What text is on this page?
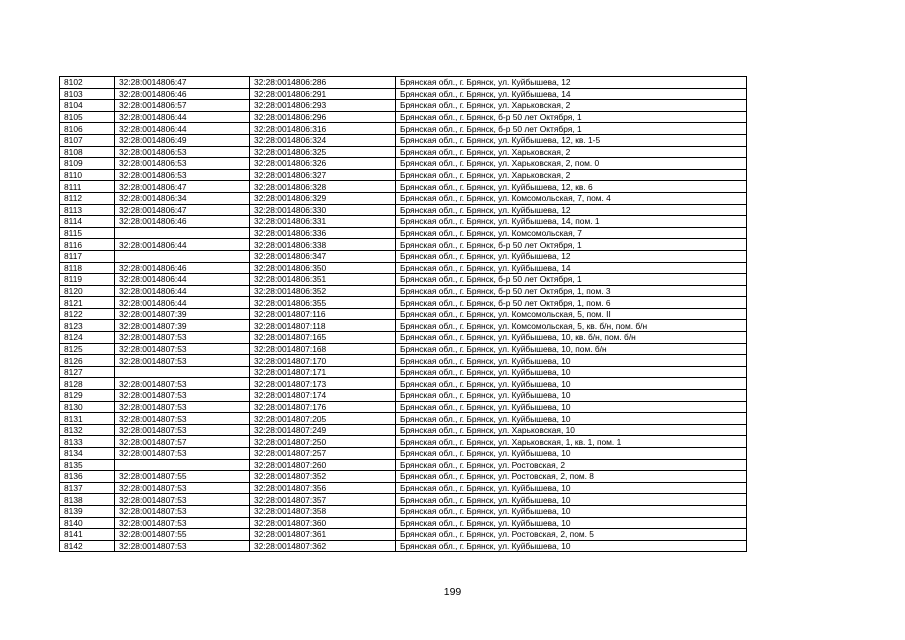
8102	32:28:0014806:47	32:28:0014806:286	Брянская обл., г. Брянск, ул. Куйбышева, 12
8103	32:28:0014806:46	32:28:0014806:291	Брянская обл., г. Брянск, ул. Куйбышева, 14
8104	32:28:0014806:57	32:28:0014806:293	Брянская обл., г. Брянск, ул. Харьковская, 2
8105	32:28:0014806:44	32:28:0014806:296	Брянская обл., г. Брянск, б-р 50 лет Октября, 1
8106	32:28:0014806:44	32:28:0014806:316	Брянская обл., г. Брянск, б-р 50 лет Октября, 1
8107	32:28:0014806:49	32:28:0014806:324	Брянская обл., г. Брянск, ул. Куйбышева, 12, кв. 1-5
8108	32:28:0014806:53	32:28:0014806:325	Брянская обл., г. Брянск, ул. Харьковская, 2
8109	32:28:0014806:53	32:28:0014806:326	Брянская обл., г. Брянск, ул. Харьковская, 2, пом. 0
8110	32:28:0014806:53	32:28:0014806:327	Брянская обл., г. Брянск, ул. Харьковская, 2
8111	32:28:0014806:47	32:28:0014806:328	Брянская обл., г. Брянск, ул. Куйбышева, 12, кв. 6
8112	32:28:0014806:34	32:28:0014806:329	Брянская обл., г. Брянск, ул. Комсомольская, 7, пом. 4
8113	32:28:0014806:47	32:28:0014806:330	Брянская обл., г. Брянск, ул. Куйбышева, 12
8114	32:28:0014806:46	32:28:0014806:331	Брянская обл., г. Брянск, ул. Куйбышева, 14, пом. 1
8115		32:28:0014806:336	Брянская обл., г. Брянск, ул. Комсомольская, 7
8116	32:28:0014806:44	32:28:0014806:338	Брянская обл., г. Брянск, б-р 50 лет Октября, 1
8117		32:28:0014806:347	Брянская обл., г. Брянск, ул. Куйбышева, 12
8118	32:28:0014806:46	32:28:0014806:350	Брянская обл., г. Брянск, ул. Куйбышева, 14
8119	32:28:0014806:44	32:28:0014806:351	Брянская обл., г. Брянск, б-р 50 лет Октября, 1
8120	32:28:0014806:44	32:28:0014806:352	Брянская обл., г. Брянск, б-р 50 лет Октября, 1, пом. 3
8121	32:28:0014806:44	32:28:0014806:355	Брянская обл., г. Брянск, б-р 50 лет Октября, 1, пом. 6
8122	32:28:0014807:39	32:28:0014807:116	Брянская обл., г. Брянск, ул. Комсомольская, 5, пом. II
8123	32:28:0014807:39	32:28:0014807:118	Брянская обл., г. Брянск, ул. Комсомольская, 5, кв. б/н, пом. б/н
8124	32:28:0014807:53	32:28:0014807:165	Брянская обл., г. Брянск, ул. Куйбышева, 10, кв. б/н, пом. б/н
8125	32:28:0014807:53	32:28:0014807:168	Брянская обл., г. Брянск, ул. Куйбышева, 10, пом. б/н
8126	32:28:0014807:53	32:28:0014807:170	Брянская обл., г. Брянск, ул. Куйбышева, 10
8127		32:28:0014807:171	Брянская обл., г. Брянск, ул. Куйбышева, 10
8128	32:28:0014807:53	32:28:0014807:173	Брянская обл., г. Брянск, ул. Куйбышева, 10
8129	32:28:0014807:53	32:28:0014807:174	Брянская обл., г. Брянск, ул. Куйбышева, 10
8130	32:28:0014807:53	32:28:0014807:176	Брянская обл., г. Брянск, ул. Куйбышева, 10
8131	32:28:0014807:53	32:28:0014807:205	Брянская обл., г. Брянск, ул. Куйбышева, 10
8132	32:28:0014807:53	32:28:0014807:249	Брянская обл., г. Брянск, ул. Харьковская, 10
8133	32:28:0014807:57	32:28:0014807:250	Брянская обл., г. Брянск, ул. Харьковская, 1, кв. 1, пом. 1
8134	32:28:0014807:53	32:28:0014807:257	Брянская обл., г. Брянск, ул. Куйбышева, 10
8135		32:28:0014807:260	Брянская обл., г. Брянск, ул. Ростовская, 2
8136	32:28:0014807:55	32:28:0014807:352	Брянская обл., г. Брянск, ул. Ростовская, 2, пом. 8
8137	32:28:0014807:53	32:28:0014807:356	Брянская обл., г. Брянск, ул. Куйбышева, 10
8138	32:28:0014807:53	32:28:0014807:357	Брянская обл., г. Брянск, ул. Куйбышева, 10
8139	32:28:0014807:53	32:28:0014807:358	Брянская обл., г. Брянск, ул. Куйбышева, 10
8140	32:28:0014807:53	32:28:0014807:360	Брянская обл., г. Брянск, ул. Куйбышева, 10
8141	32:28:0014807:55	32:28:0014807:361	Брянская обл., г. Брянск, ул. Ростовская, 2, пом. 5
8142	32:28:0014807:53	32:28:0014807:362	Брянская обл., г. Брянск, ул. Куйбышева, 10
199
